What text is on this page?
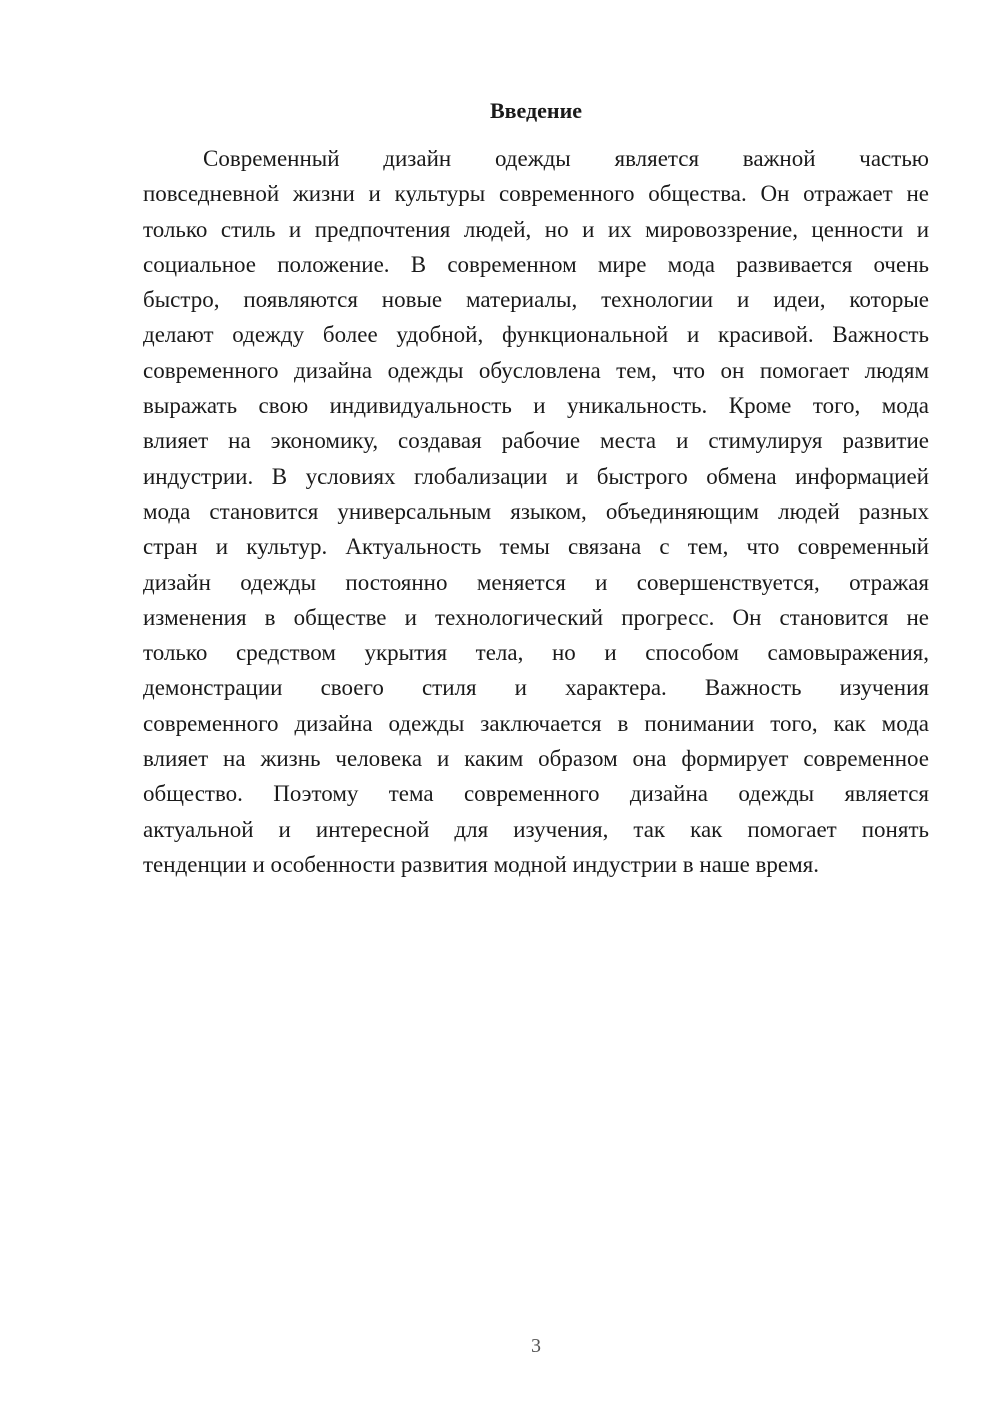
Введение
Современный дизайн одежды является важной частью
повседневной жизни и культуры современного общества. Он отражает не
только стиль и предпочтения людей, но и их мировоззрение, ценности и
социальное положение. В современном мире мода развивается очень
быстро, появляются новые материалы, технологии и идеи, которые
делают одежду более удобной, функциональной и красивой. Важность
современного дизайна одежды обусловлена тем, что он помогает людям
выражать свою индивидуальность и уникальность. Кроме того, мода
влияет на экономику, создавая рабочие места и стимулируя развитие
индустрии. В условиях глобализации и быстрого обмена информацией
мода становится универсальным языком, объединяющим людей разных
стран и культур. Актуальность темы связана с тем, что современный
дизайн одежды постоянно меняется и совершенствуется, отражая
изменения в обществе и технологический прогресс. Он становится не
только средством укрытия тела, но и способом самовыражения,
демонстрации своего стиля и характера. Важность изучения
современного дизайна одежды заключается в понимании того, как мода
влияет на жизнь человека и каким образом она формирует современное
общество. Поэтому тема современного дизайна одежды является
актуальной и интересной для изучения, так как помогает понять
тенденции и особенности развития модной индустрии в наше время.
3
